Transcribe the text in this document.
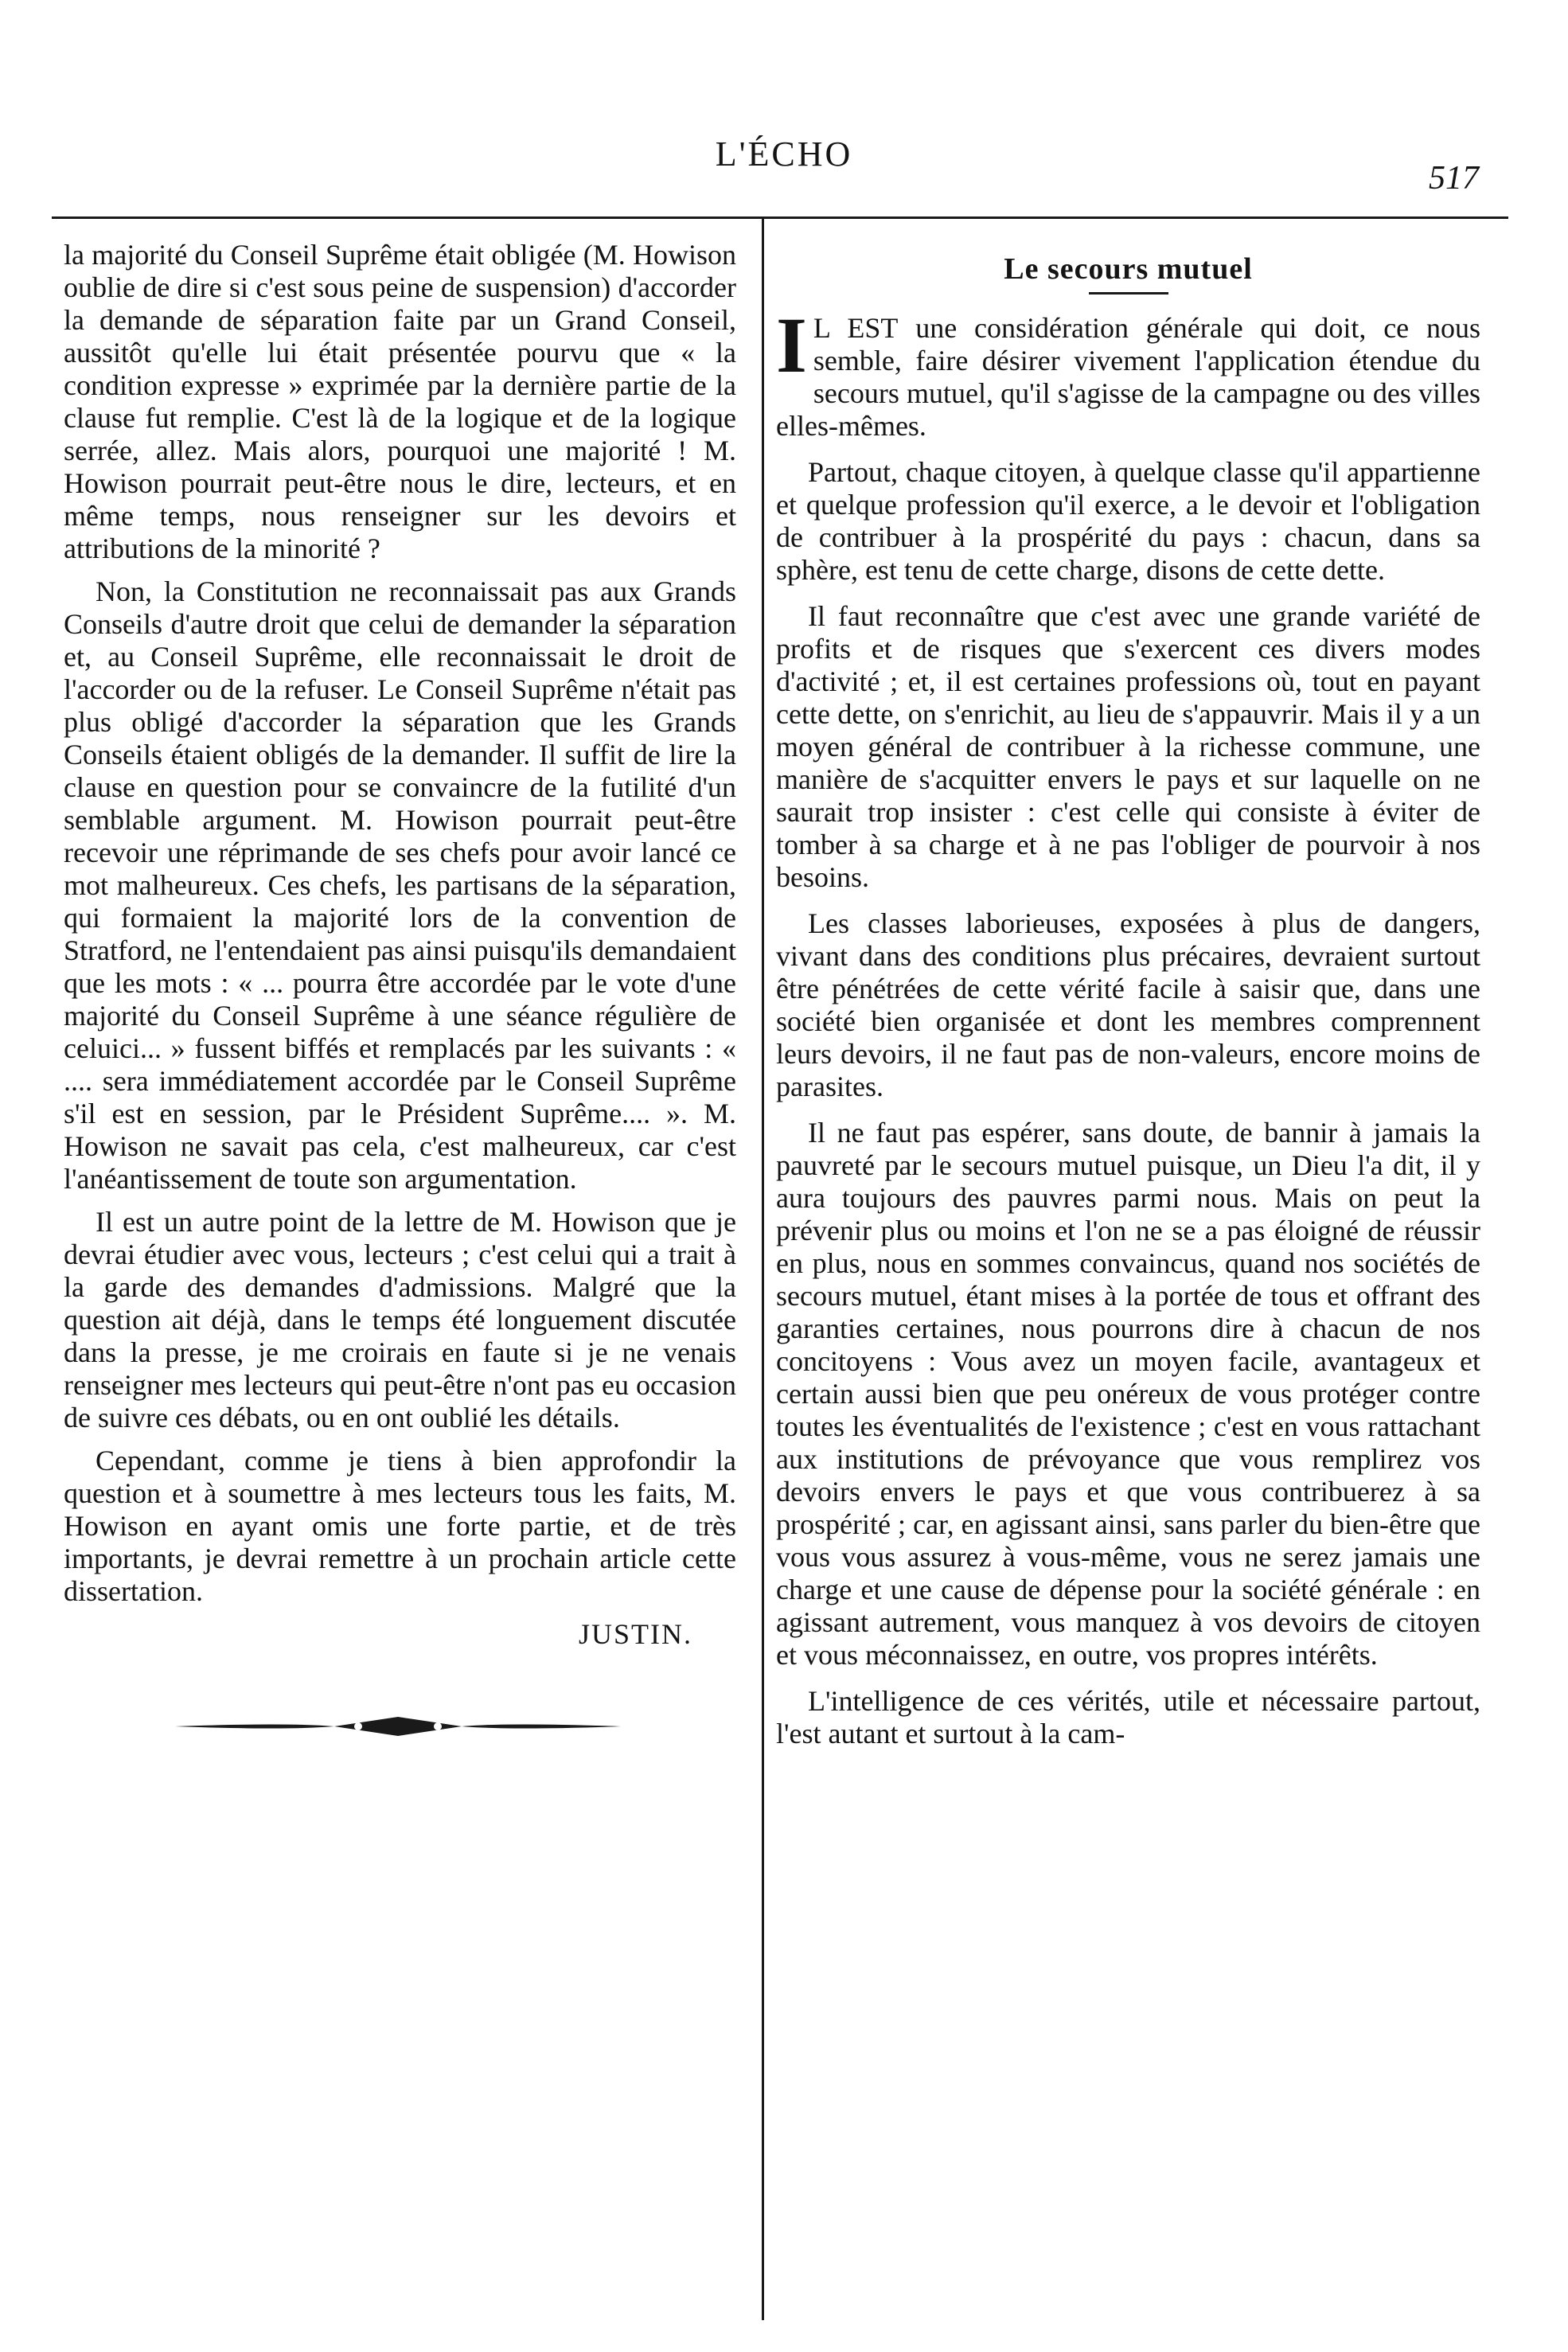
L'ÉCHO
517

la majorité du Conseil Suprême était obligée (M. Howison oublie de dire si c'est sous peine de suspension) d'accorder la demande de séparation faite par un Grand Conseil, aussitôt qu'elle lui était présentée pourvu que « la condition expresse » exprimée par la dernière partie de la clause fut remplie. C'est là de la logique et de la logique serrée, allez. Mais alors, pourquoi une majorité ! M. Howison pourrait peut-être nous le dire, lecteurs, et en même temps, nous renseigner sur les devoirs et attributions de la minorité ?

Non, la Constitution ne reconnaissait pas aux Grands Conseils d'autre droit que celui de demander la séparation et, au Conseil Suprême, elle reconnaissait le droit de l'accorder ou de la refuser. Le Conseil Suprême n'était pas plus obligé d'accorder la séparation que les Grands Conseils étaient obligés de la demander. Il suffit de lire la clause en question pour se convaincre de la futilité d'un semblable argument. M. Howison pourrait peut-être recevoir une réprimande de ses chefs pour avoir lancé ce mot malheureux. Ces chefs, les partisans de la séparation, qui formaient la majorité lors de la convention de Stratford, ne l'entendaient pas ainsi puisqu'ils demandaient que les mots : « ... pourra être accordée par le vote d'une majorité du Conseil Suprême à une séance régulière de celuici... » fussent biffés et remplacés par les suivants : « .... sera immédiatement accordée par le Conseil Suprême s'il est en session, par le Président Suprême.... ». M. Howison ne savait pas cela, c'est malheureux, car c'est l'anéantissement de toute son argumentation.

Il est un autre point de la lettre de M. Howison que je devrai étudier avec vous, lecteurs ; c'est celui qui a trait à la garde des demandes d'admissions. Malgré que la question ait déjà, dans le temps été longuement discutée dans la presse, je me croirais en faute si je ne venais renseigner mes lecteurs qui peut-être n'ont pas eu occasion de suivre ces débats, ou en ont oublié les détails.

Cependant, comme je tiens à bien approfondir la question et à soumettre à mes lecteurs tous les faits, M. Howison en ayant omis une forte partie, et de très importants, je devrai remettre à un prochain article cette dissertation.

JUSTIN.
Le secours mutuel

I L EST une considération générale qui doit, ce nous semble, faire désirer vivement l'application étendue du secours mutuel, qu'il s'agisse de la campagne ou des villes elles-mêmes.

Partout, chaque citoyen, à quelque classe qu'il appartienne et quelque profession qu'il exerce, a le devoir et l'obligation de contribuer à la prospérité du pays : chacun, dans sa sphère, est tenu de cette charge, disons de cette dette.

Il faut reconnaître que c'est avec une grande variété de profits et de risques que s'exercent ces divers modes d'activité ; et, il est certaines professions où, tout en payant cette dette, on s'enrichit, au lieu de s'appauvrir. Mais il y a un moyen général de contribuer à la richesse commune, une manière de s'acquitter envers le pays et sur laquelle on ne saurait trop insister : c'est celle qui consiste à éviter de tomber à sa charge et à ne pas l'obliger de pourvoir à nos besoins.

Les classes laborieuses, exposées à plus de dangers, vivant dans des conditions plus précaires, devraient surtout être pénétrées de cette vérité facile à saisir que, dans une société bien organisée et dont les membres comprennent leurs devoirs, il ne faut pas de non-valeurs, encore moins de parasites.

Il ne faut pas espérer, sans doute, de bannir à jamais la pauvreté par le secours mutuel puisque, un Dieu l'a dit, il y aura toujours des pauvres parmi nous. Mais on peut la prévenir plus ou moins et l'on ne se a pas éloigné de réussir en plus, nous en sommes convaincus, quand nos sociétés de secours mutuel, étant mises à la portée de tous et offrant des garanties certaines, nous pourrons dire à chacun de nos concitoyens : Vous avez un moyen facile, avantageux et certain aussi bien que peu onéreux de vous protéger contre toutes les éventualités de l'existence ; c'est en vous rattachant aux institutions de prévoyance que vous remplirez vos devoirs envers le pays et que vous contribuerez à sa prospérité ; car, en agissant ainsi, sans parler du bien-être que vous vous assurez à vous-même, vous ne serez jamais une charge et une cause de dépense pour la société générale : en agissant autrement, vous manquez à vos devoirs de citoyen et vous méconnaissez, en outre, vos propres intérêts.

L'intelligence de ces vérités, utile et nécessaire partout, l'est autant et surtout à la cam-
